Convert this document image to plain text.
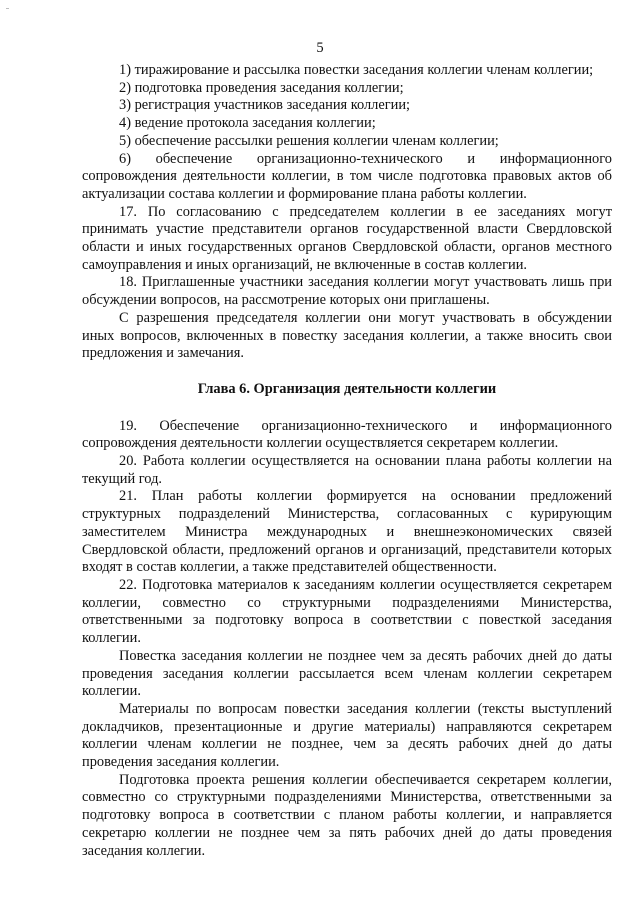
5

1) тиражирование и рассылка повестки заседания коллегии членам коллегии;

2) подготовка проведения заседания коллегии;

3) регистрация участников заседания коллегии;

4) ведение протокола заседания коллегии;

5) обеспечение рассылки решения коллегии членам коллегии;

6) обеспечение организационно-технического и информационного сопровождения деятельности коллегии, в том числе подготовка правовых актов об актуализации состава коллегии и формирование плана работы коллегии.

17. По согласованию с председателем коллегии в ее заседаниях могут принимать участие представители органов государственной власти Свердловской области и иных государственных органов Свердловской области, органов местного самоуправления и иных организаций, не включенные в состав коллегии.

18. Приглашенные участники заседания коллегии могут участвовать лишь при обсуждении вопросов, на рассмотрение которых они приглашены.

С разрешения председателя коллегии они могут участвовать в обсуждении иных вопросов, включенных в повестку заседания коллегии, а также вносить свои предложения и замечания.

Глава 6. Организация деятельности коллегии

19. Обеспечение организационно-технического и информационного сопровождения деятельности коллегии осуществляется секретарем коллегии.

20. Работа коллегии осуществляется на основании плана работы коллегии на текущий год.

21. План работы коллегии формируется на основании предложений структурных подразделений Министерства, согласованных с курирующим заместителем Министра международных и внешнеэкономических связей Свердловской области, предложений органов и организаций, представители которых входят в состав коллегии, а также представителей общественности.

22. Подготовка материалов к заседаниям коллегии осуществляется секретарем коллегии, совместно со структурными подразделениями Министерства, ответственными за подготовку вопроса в соответствии с повесткой заседания коллегии.

Повестка заседания коллегии не позднее чем за десять рабочих дней до даты проведения заседания коллегии рассылается всем членам коллегии секретарем коллегии.

Материалы по вопросам повестки заседания коллегии (тексты выступлений докладчиков, презентационные и другие материалы) направляются секретарем коллегии членам коллегии не позднее, чем за десять рабочих дней до даты проведения заседания коллегии.

Подготовка проекта решения коллегии обеспечивается секретарем коллегии, совместно со структурными подразделениями Министерства, ответственными за подготовку вопроса в соответствии с планом работы коллегии, и направляется секретарю коллегии не позднее чем за пять рабочих дней до даты проведения заседания коллегии.
